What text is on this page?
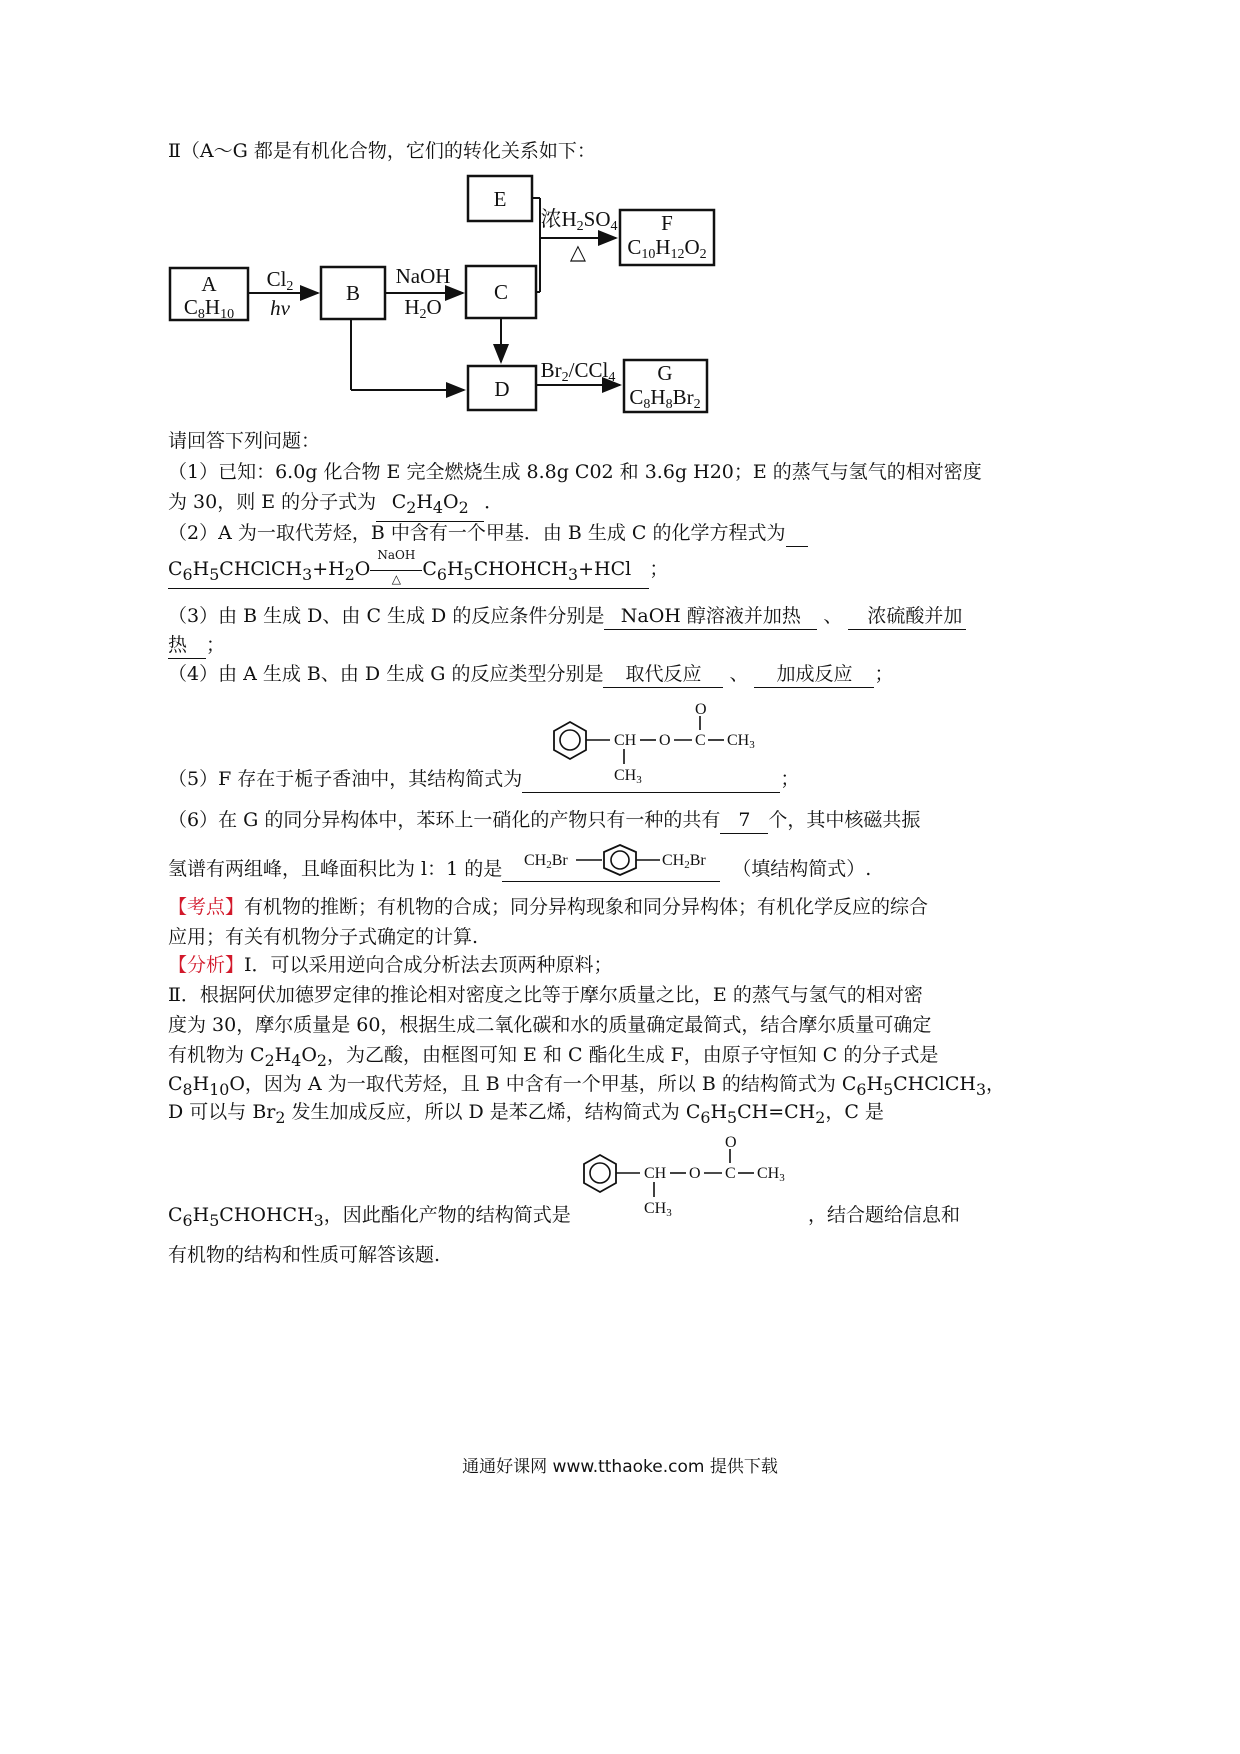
Ⅱ（A～G 都是有机化合物，它们的转化关系如下：
A
C8H10
Cl2
hv
B
NaOH
H2O
C
E
浓H2SO4
△
F
C10H12O2
D
Br2/CCl4 G
C8H8Br2
请回答下列问题：
（1）已知：6.0g 化合物 E 完全燃烧生成 8.8g C02 和 3.6g H20；E 的蒸气与氢气的相对密度
为 30，则 E 的分子式为 $C_2H_4O_2$ ．
（2）A 为一取代芳烃，B 中含有一个甲基．由 B 生成 C 的化学方程式为
$C_6H_5CHClCH_3+H_2O$
NaOH
△	$C_6H_5CHOHCH_3+HCl$   ；
（3）由 B 生成 D、由 C 生成 D 的反应条件分别是 NaOH 醇溶液并加热 、 浓硫酸并加
热 ；
（4）由 A 生成 B、由 D 生成 G 的反应类型分别是 取代反应 、 加成反应 ；
CH O C
O
CH3
CH3
（5）F 存在于栀子香油中，其结构简式为	；
（6）在 G 的同分异构体中，苯环上一硝化的产物只有一种的共有 7 个，其中核磁共振
氢谱有两组峰，且峰面积比为 l：1 的是	（填结构简式）.
CH2Br	CH2Br
【考点】有机物的推断；有机物的合成；同分异构现象和同分异构体；有机化学反应的综合
应用；有关有机物分子式确定的计算.
【分析】Ⅰ．可以采用逆向合成分析法去顶两种原料；
Ⅱ．根据阿伏加德罗定律的推论相对密度之比等于摩尔质量之比，E 的蒸气与氢气的相对密
度为 30，摩尔质量是 60，根据生成二氧化碳和水的质量确定最简式，结合摩尔质量可确定
有机物为 $C_2H_4O_2$，为乙酸，由框图可知 E 和 C 酯化生成 F，由原子守恒知 C 的分子式是
$C_8H_{10}O$，因为 A 为一取代芳烃，且 B 中含有一个甲基，所以 B 的结构简式为 $C_6H_5CHClCH_3$，
D 可以与 $Br_2$ 发生加成反应，所以 D 是苯乙烯，结构简式为 $C_6H_5CH=CH_2$，C 是
CH O C
O
CH3
CH3
$C_6H_5CHOHCH_3$，因此酯化产物的结构简式是	，结合题给信息和
有机物的结构和性质可解答该题.
通通好课网 www.tthaoke.com 提供下载
